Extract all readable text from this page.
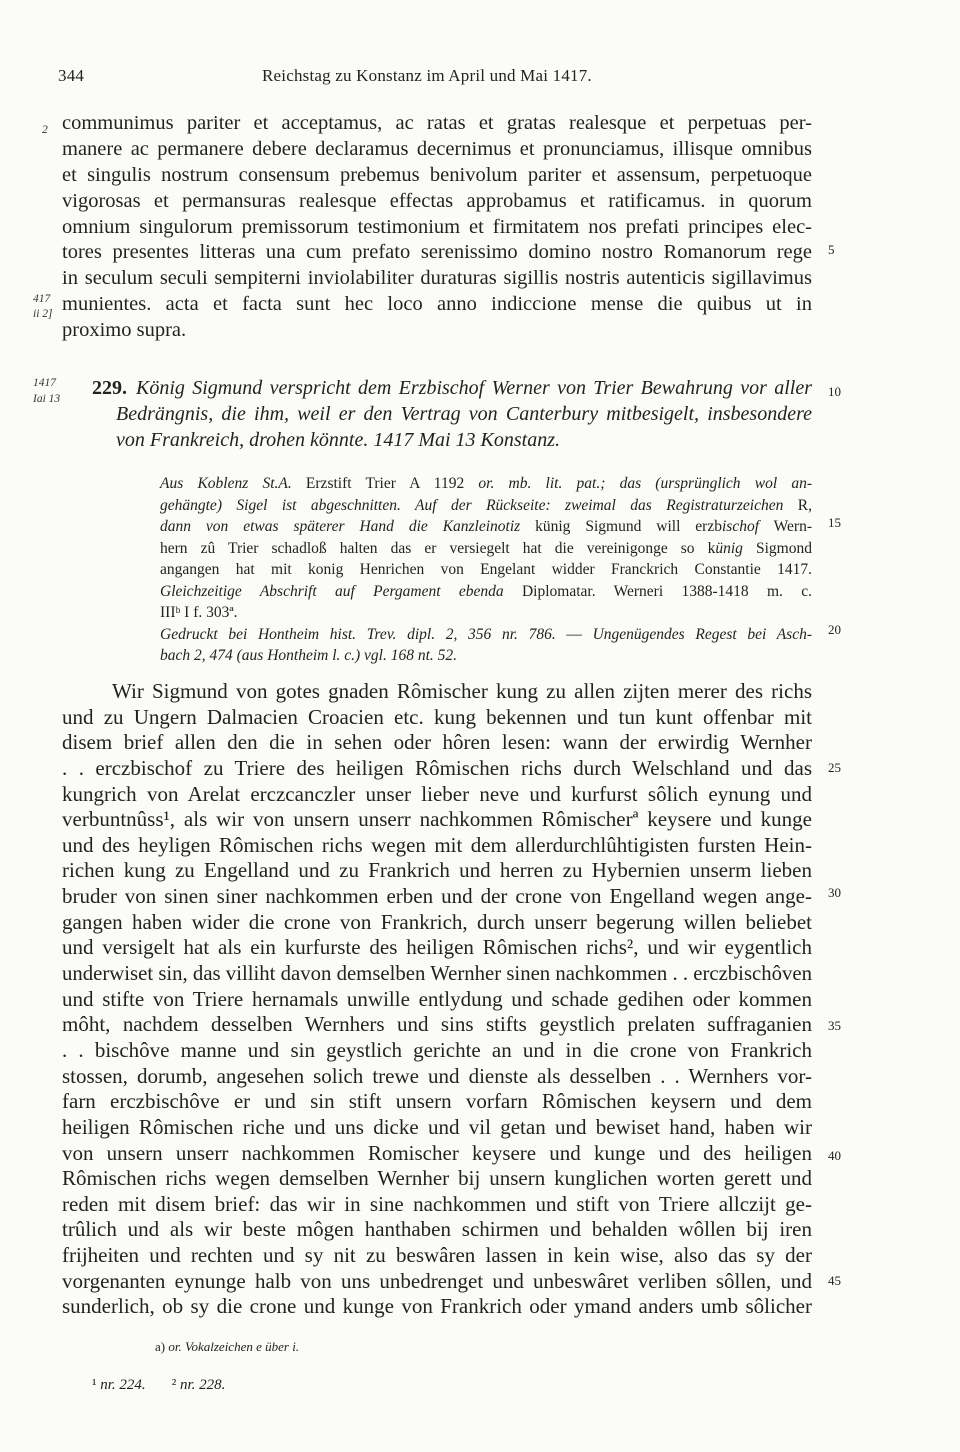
344	Reichstag zu Konstanz im April und Mai 1417.
2
417
ii 2]
1417
Iai 13
5
10
15
20
25
30
35
40
45
communimus pariter et acceptamus, ac ratas et gratas realesque et perpetuas per-
manere ac permanere debere declaramus decernimus et pronunciamus, illisque omnibus
et singulis nostrum consensum prebemus benivolum pariter et assensum, perpetuoque
vigorosas et permansuras realesque effectas approbamus et ratificamus. in quorum
omnium singulorum premissorum testimonium et firmitatem nos prefati principes elec-
tores presentes litteras una cum prefato serenissimo domino nostro Romanorum rege
in seculum seculi sempiterni inviolabiliter duraturas sigillis nostris autenticis sigillavimus
munientes. acta et facta sunt hec loco anno indiccione mense die quibus ut in
proximo supra.
229. König Sigmund verspricht dem Erzbischof Werner von Trier Bewahrung vor aller
Bedrängnis, die ihm, weil er den Vertrag von Canterbury mitbesigelt, insbesondere
von Frankreich, drohen könnte. 1417 Mai 13 Konstanz.
Aus Koblenz St.A. Erzstift Trier A 1192 or. mb. lit. pat.; das (ursprünglich wol an-
gehängte) Sigel ist abgeschnitten. Auf der Rückseite: zweimal das Registraturzeichen R,
dann von etwas späterer Hand die Kanzleinotiz künig Sigmund will erzbischof Wern-
hern zû Trier schadloß halten das er versiegelt hat die vereinigonge so künig Sigmond
angangen hat mit konig Henrichen von Engelant widder Franckrich Constantie 1417.
Gleichzeitige Abschrift auf Pergament ebenda Diplomatar. Werneri 1388-1418 m. c.
IIIᵇ I f. 303ª.
Gedruckt bei Hontheim hist. Trev. dipl. 2, 356 nr. 786. — Ungenügendes Regest bei Asch-
bach 2, 474 (aus Hontheim l. c.) vgl. 168 nt. 52.
Wir Sigmund von gotes gnaden Rômischer kung zu allen zijten merer des richs
und zu Ungern Dalmacien Croacien etc. kung bekennen und tun kunt offenbar mit
disem brief allen den die in sehen oder hôren lesen: wann der erwirdig Wernher
. . erczbischof zu Triere des heiligen Rômischen richs durch Welschland und das
kungrich von Arelat erczcanczler unser lieber neve und kurfurst sôlich eynung und
verbuntnûss¹, als wir von unsern unserr nachkommen Rômischerª keysere und kunge
und des heyligen Rômischen richs wegen mit dem allerdurchlûhtigisten fursten Hein-
richen kung zu Engelland und zu Frankrich und herren zu Hybernien unserm lieben
bruder von sinen siner nachkommen erben und der crone von Engelland wegen ange-
gangen haben wider die crone von Frankrich, durch unserr begerung willen beliebet
und versigelt hat als ein kurfurste des heiligen Rômischen richs², und wir eygentlich
underwiset sin, das villiht davon demselben Wernher sinen nachkommen . . erczbischôven
und stifte von Triere hernamals unwille entlydung und schade gedihen oder kommen
môht, nachdem desselben Wernhers und sins stifts geystlich prelaten suffraganien
. . bischôve manne und sin geystlich gerichte an und in die crone von Frankrich
stossen, dorumb, angesehen solich trewe und dienste als desselben . . Wernhers vor-
farn erczbischôve er und sin stift unsern vorfarn Rômischen keysern und dem
heiligen Rômischen riche und uns dicke und vil getan und bewiset hand, haben wir
von unsern unserr nachkommen Romischer keysere und kunge und des heiligen
Rômischen richs wegen demselben Wernher bij unsern kunglichen worten gerett und
reden mit disem brief: das wir in sine nachkommen und stift von Triere allczijt ge-
trûlich und als wir beste môgen hanthaben schirmen und behalden wôllen bij iren
frijheiten und rechten und sy nit zu beswâren lassen in kein wise, also das sy der
vorgenanten eynunge halb von uns unbedrenget und unbeswâret verliben sôllen, und
sunderlich, ob sy die crone und kunge von Frankrich oder ymand anders umb sôlicher
a) or. Vokalzeichen e über i.
¹ nr. 224. ² nr. 228.
